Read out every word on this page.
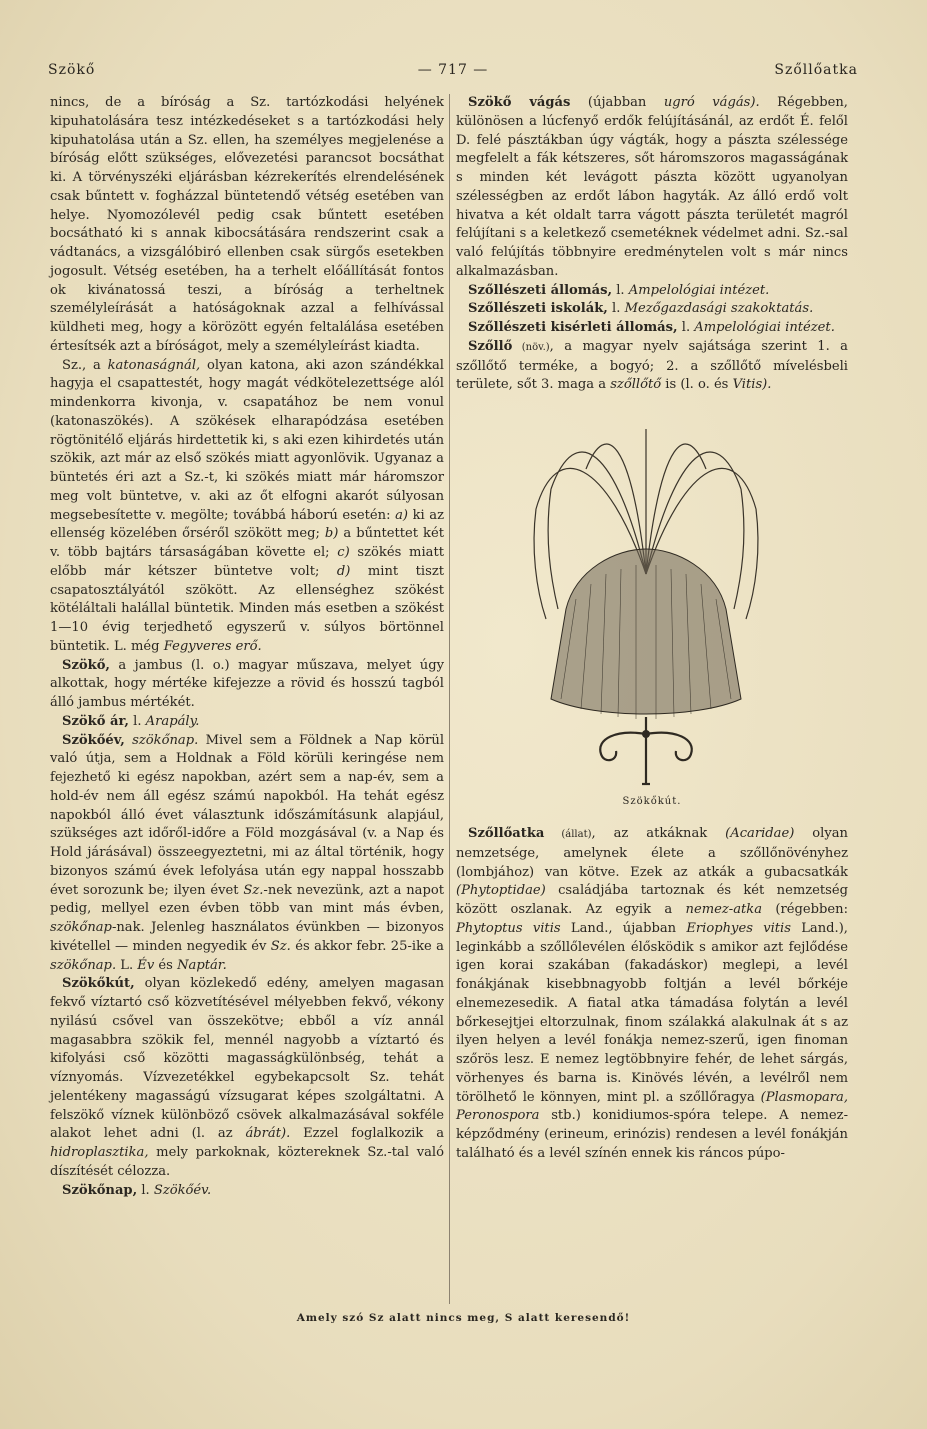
Szökő	— 717 —	Szőllőatka

nincs, de a bíróság a Sz. tartózkodási helyének kipuhatolására tesz intézkedéseket s a tartózkodási hely kipuhatolása után a Sz. ellen, ha személyes megjelenése a bíróság előtt szükséges, elővezetési parancsot bocsáthat ki. A törvényszéki eljárásban kézrekerítés elrendelésének csak bűntett v. fogházzal büntetendő vétség esetében van helye. Nyomozólevél pedig csak bűntett esetében bocsátható ki s annak kibocsátására rendszerint csak a vádtanács, a vizsgálóbiró ellenben csak sürgős esetekben jogosult. Vétség esetében, ha a terhelt előállítását fontos ok kivánatossá teszi, a bíróság a terheltnek személyleírását a hatóságoknak azzal a felhívással küldheti meg, hogy a körözött egyén feltalálása esetében értesítsék azt a bíróságot, mely a személyleírást kiadta.

Sz., a katonaságnál, olyan katona, aki azon szándékkal hagyja el csapattestét, hogy magát védkötelezettsége alól mindenkorra kivonja, v. csapatához be nem vonul (katonaszökés). A szökések elharapódzása esetében rögtönitélő eljárás hirdettetik ki, s aki ezen kihirdetés után szökik, azt már az első szökés miatt agyonlövik. Ugyanaz a büntetés éri azt a Sz.-t, ki szökés miatt már háromszor meg volt büntetve, v. aki az őt elfogni akarót súlyosan megsebesítette v. megölte; továbbá háború esetén: a) ki az ellenség közelében őrséről szökött meg; b) a bűntettet két v. több bajtárs társaságában követte el; c) szökés miatt előbb már kétszer büntetve volt; d) mint tiszt csapatosztályától szökött. Az ellenséghez szökést kötéláltali halállal büntetik. Minden más esetben a szökést 1—10 évig terjedhető egyszerű v. súlyos börtönnel büntetik. L. még Fegyveres erő.

Szökő, a jambus (l. o.) magyar műszava, melyet úgy alkottak, hogy mértéke kifejezze a rövid és hosszú tagból álló jambus mértékét.

Szökő ár, l. Arapály.

Szökőév, szökőnap. Mivel sem a Földnek a Nap körül való útja, sem a Holdnak a Föld körüli keringése nem fejezhető ki egész napokban, azért sem a nap-év, sem a hold-év nem áll egész számú napokból. Ha tehát egész napokból álló évet választunk időszámításunk alapjául, szükséges azt időről-időre a Föld mozgásával (v. a Nap és Hold járásával) összeegyeztetni, mi az által történik, hogy bizonyos számú évek lefolyása után egy nappal hosszabb évet sorozunk be; ilyen évet Sz.-nek nevezünk, azt a napot pedig, mellyel ezen évben több van mint más évben, szökőnap-nak. Jelenleg használatos évünkben — bizonyos kivétellel — minden negyedik év Sz. és akkor febr. 25-ike a szökőnap. L. Év és Naptár.

Szökőkút, olyan közlekedő edény, amelyen magasan fekvő víztartó cső közvetítésével mélyebben fekvő, vékony nyilású csővel van összekötve; ebből a víz annál magasabbra szökik fel, mennél nagyobb a víztartó és kifolyási cső közötti magasságkülönbség, tehát a víznyomás. Vízvezetékkel egybekapcsolt Sz. tehát jelentékeny magasságú vízsugarat képes szolgáltatni. A felszökő víznek különböző csövek alkalmazásával sokféle alakot lehet adni (l. az ábrát). Ezzel foglalkozik a hidroplasztika, mely parkoknak, köztereknek Sz.-tal való díszítését célozza.

Szökőnap, l. Szökőév.

Szökő vágás (újabban ugró vágás). Régebben, különösen a lúcfenyő erdők felújításánál, az erdőt É. felől D. felé pásztákban úgy vágták, hogy a pászta szélessége megfelelt a fák kétszeres, sőt háromszoros magasságának s minden két levágott pászta között ugyanolyan szélességben az erdőt lábon hagyták. Az álló erdő volt hivatva a két oldalt tarra vágott pászta területét magról felújítani s a keletkező csemetéknek védelmet adni. Sz.-sal való felújítás többnyire eredménytelen volt s már nincs alkalmazásban.

Szőllészeti állomás, l. Ampelológiai intézet.

Szőllészeti iskolák, l. Mezőgazdasági szakoktatás.

Szőllészeti kisérleti állomás, l. Ampelológiai intézet.

Szőllő (növ.), a magyar nyelv sajátsága szerint 1. a szőllőtő terméke, a bogyó; 2. a szőllőtő mívelésbeli területe, sőt 3. maga a szőllőtő is (l. o. és Vitis).

Szökőkút.

Szőllőatka (állat), az atkáknak (Acaridae) olyan nemzetsége, amelynek élete a szőllőnövényhez (lombjához) van kötve. Ezek az atkák a gubacsatkák (Phytoptidae) családjába tartoznak és két nemzetség között oszlanak. Az egyik a nemez-atka (régebben: Phytoptus vitis Land., újabban Eriophyes vitis Land.), leginkább a szőllőlevélen élősködik s amikor azt fejlődése igen korai szakában (fakadáskor) meglepi, a levél fonákjának kisebbnagyobb foltján a levél bőrkéje elnemezesedik. A fiatal atka támadása folytán a levél bőrkesejtjei eltorzulnak, finom szálakká alakulnak át s az ilyen helyen a levél fonákja nemez-szerű, igen finoman szőrös lesz. E nemez legtöbbnyire fehér, de lehet sárgás, vörhenyes és barna is. Kinövés lévén, a levélről nem törölhető le könnyen, mint pl. a szőllőragya (Plasmopara, Peronospora stb.) konidiumos-spóra telepe. A nemez-képződmény (erineum, erinózis) rendesen a levél fonákján található és a levél színén ennek kis ráncos púpo-

Amely szó Sz alatt nincs meg, S alatt keresendő!
